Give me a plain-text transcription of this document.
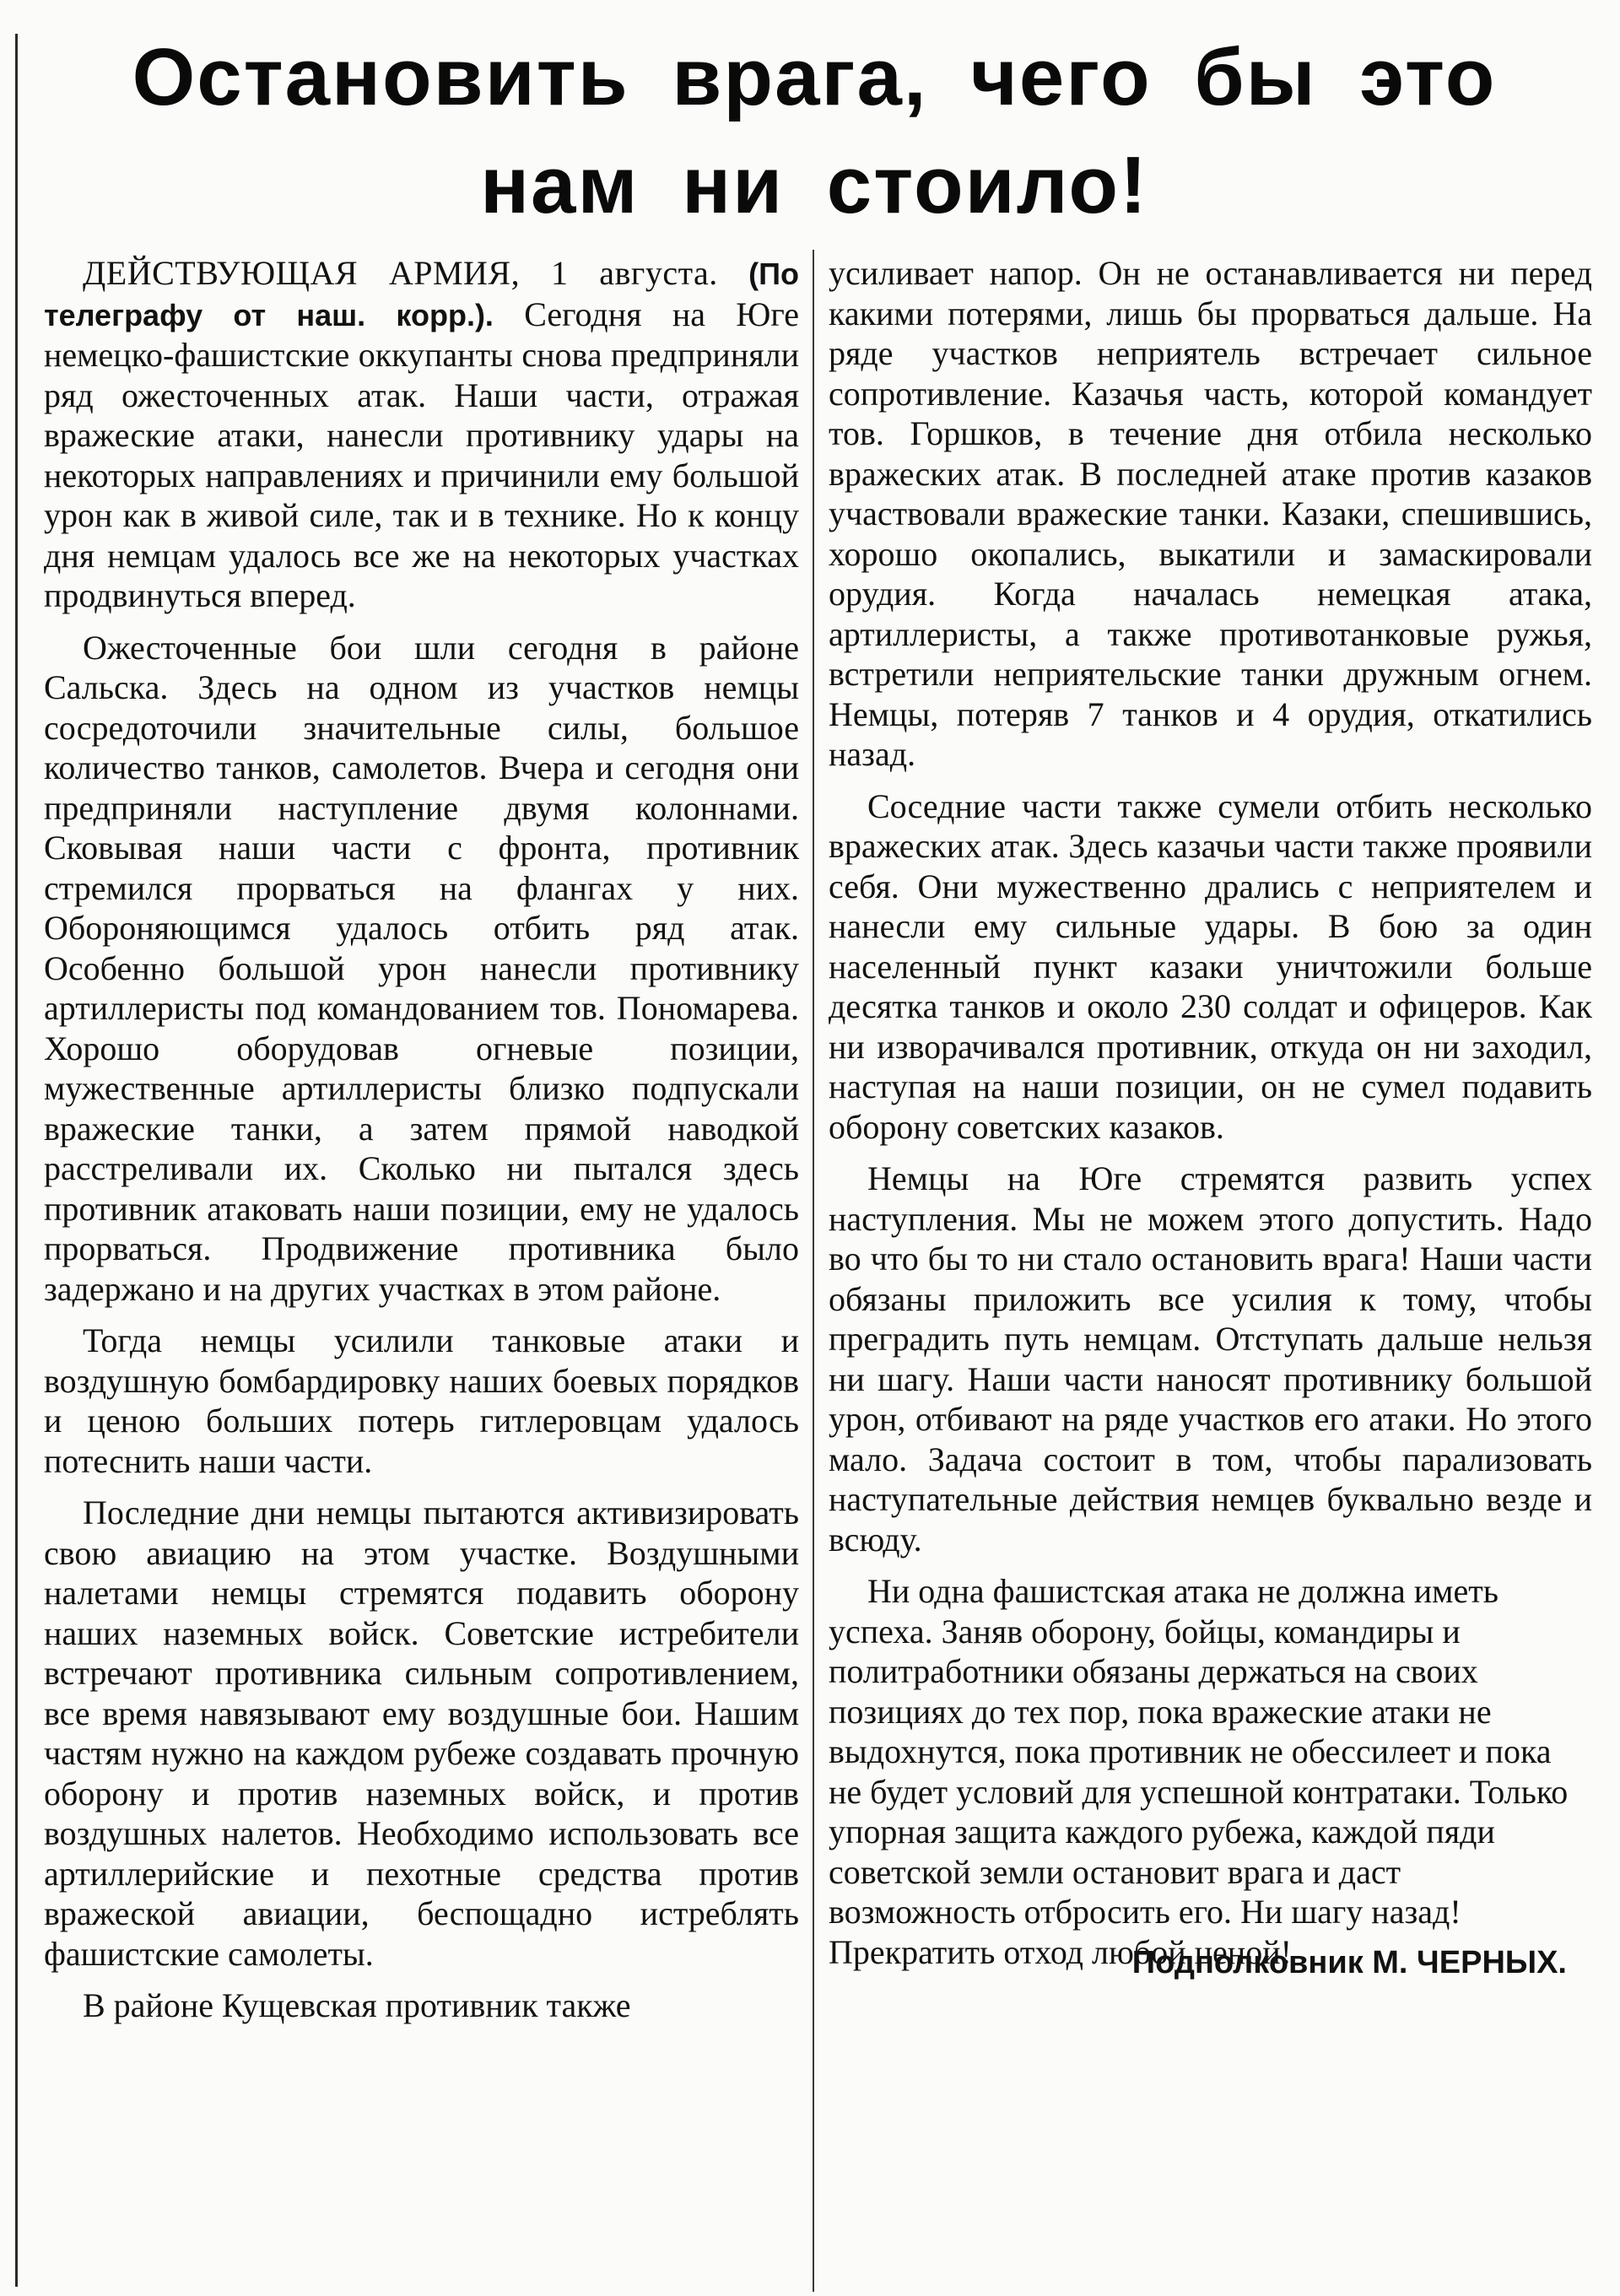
Остановить врага, чего бы это
нам ни стоило!

ДЕЙСТВУЮЩАЯ АРМИЯ, 1 августа. (По телеграфу от наш. корр.). Сегодня на Юге немецко-фашистские оккупанты снова предприняли ряд ожесточенных атак. Наши части, отражая вражеские атаки, нанесли противнику удары на некоторых направлениях и причинили ему большой урон как в живой силе, так и в технике. Но к концу дня немцам удалось все же на некоторых участках продвинуться вперед.

Ожесточенные бои шли сегодня в районе Сальска. Здесь на одном из участков немцы сосредоточили значительные силы, большое количество танков, самолетов. Вчера и сегодня они предприняли наступление двумя колоннами. Сковывая наши части с фронта, противник стремился прорваться на флангах у них. Обороняющимся удалось отбить ряд атак. Особенно большой урон нанесли противнику артиллеристы под командованием тов. Пономарева. Хорошо оборудовав огневые позиции, мужественные артиллеристы близко подпускали вражеские танки, а затем прямой наводкой расстреливали их. Сколько ни пытался здесь противник атаковать наши позиции, ему не удалось прорваться. Продвижение противника было задержано и на других участках в этом районе.

Тогда немцы усилили танковые атаки и воздушную бомбардировку наших боевых порядков и ценою больших потерь гитлеровцам удалось потеснить наши части.

Последние дни немцы пытаются активизировать свою авиацию на этом участке. Воздушными налетами немцы стремятся подавить оборону наших наземных войск. Советские истребители встречают противника сильным сопротивлением, все время навязывают ему воздушные бои. Нашим частям нужно на каждом рубеже создавать прочную оборону и против наземных войск, и против воздушных налетов. Необходимо использовать все артиллерийские и пехотные средства против вражеской авиации, беспощадно истреблять фашистские самолеты.

В районе Кущевская противник также

усиливает напор. Он не останавливается ни перед какими потерями, лишь бы прорваться дальше. На ряде участков неприятель встречает сильное сопротивление. Казачья часть, которой командует тов. Горшков, в течение дня отбила несколько вражеских атак. В последней атаке против казаков участвовали вражеские танки. Казаки, спешившись, хорошо окопались, выкатили и замаскировали орудия. Когда началась немецкая атака, артиллеристы, а также противотанковые ружья, встретили неприятельские танки дружным огнем. Немцы, потеряв 7 танков и 4 орудия, откатились назад.

Соседние части также сумели отбить несколько вражеских атак. Здесь казачьи части также проявили себя. Они мужественно дрались с неприятелем и нанесли ему сильные удары. В бою за один населенный пункт казаки уничтожили больше десятка танков и около 230 солдат и офицеров. Как ни изворачивался противник, откуда он ни заходил, наступая на наши позиции, он не сумел подавить оборону советских казаков.

Немцы на Юге стремятся развить успех наступления. Мы не можем этого допустить. Надо во что бы то ни стало остановить врага! Наши части обязаны приложить все усилия к тому, чтобы преградить путь немцам. Отступать дальше нельзя ни шагу. Наши части наносят противнику большой урон, отбивают на ряде участков его атаки. Но этого мало. Задача состоит в том, чтобы парализовать наступательные действия немцев буквально везде и всюду.

Ни одна фашистская атака не должна иметь успеха. Заняв оборону, бойцы, командиры и политработники обязаны держаться на своих позициях до тех пор, пока вражеские атаки не выдохнутся, пока противник не обессилеет и пока не будет условий для успешной контратаки. Только упорная защита каждого рубежа, каждой пяди советской земли остановит врага и даст возможность отбросить его. Ни шагу назад! Прекратить отход любой ценой!

Подполковник М. ЧЕРНЫХ.
